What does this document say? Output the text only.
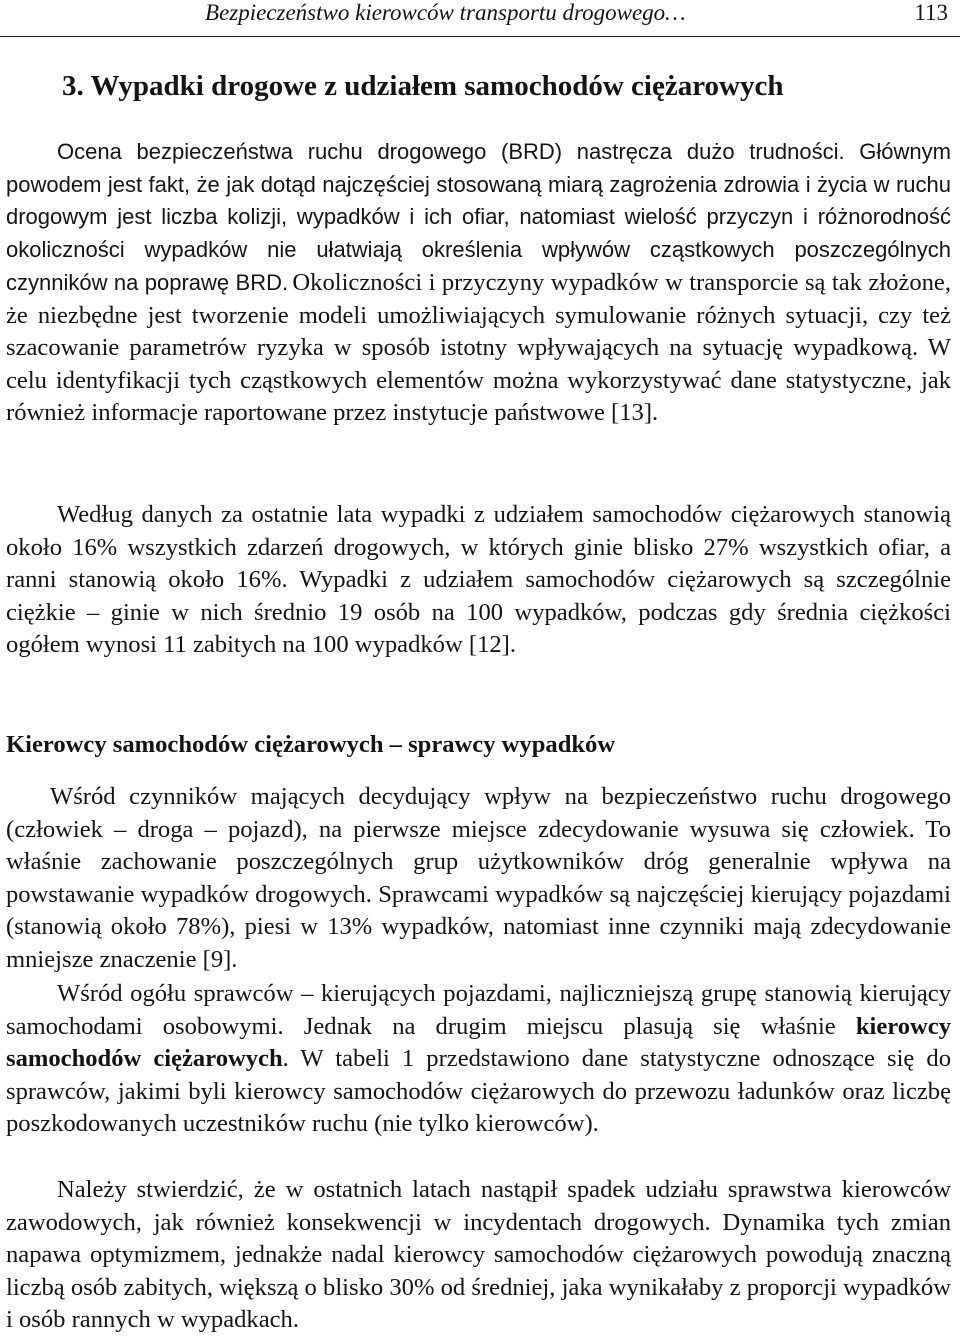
Bezpieczeństwo kierowców transportu drogowego…	113
3. Wypadki drogowe z udziałem samochodów ciężarowych

Ocena bezpieczeństwa ruchu drogowego (BRD) nastręcza dużo trudności. Głównym powodem jest fakt, że jak dotąd najczęściej stosowaną miarą zagrożenia zdrowia i życia w ruchu drogowym jest liczba kolizji, wypadków i ich ofiar, natomiast wielość przyczyn i różnorodność okoliczności wypadków nie ułatwiają określenia wpływów cząstkowych poszczególnych czynników na poprawę BRD. Okoliczności i przyczyny wypadków w transporcie są tak złożone, że niezbędne jest tworzenie modeli umożliwiających symulowanie różnych sytuacji, czy też szacowanie parametrów ryzyka w sposób istotny wpływających na sytuację wypadkową. W celu identyfikacji tych cząstkowych elementów można wykorzystywać dane statystyczne, jak również informacje raportowane przez instytucje państwowe [13].

Według danych za ostatnie lata wypadki z udziałem samochodów ciężarowych stanowią około 16% wszystkich zdarzeń drogowych, w których ginie blisko 27% wszystkich ofiar, a ranni stanowią około 16%. Wypadki z udziałem samochodów ciężarowych są szczególnie ciężkie – ginie w nich średnio 19 osób na 100 wypadków, podczas gdy średnia ciężkości ogółem wynosi 11 zabitych na 100 wypadków [12].

Kierowcy samochodów ciężarowych – sprawcy wypadków

Wśród czynników mających decydujący wpływ na bezpieczeństwo ruchu drogowego (człowiek – droga – pojazd), na pierwsze miejsce zdecydowanie wysuwa się człowiek. To właśnie zachowanie poszczególnych grup użytkowników dróg generalnie wpływa na powstawanie wypadków drogowych. Sprawcami wypadków są najczęściej kierujący pojazdami (stanowią około 78%), piesi w 13% wypadków, natomiast inne czynniki mają zdecydowanie mniejsze znaczenie [9].

Wśród ogółu sprawców – kierujących pojazdami, najliczniejszą grupę stanowią kierujący samochodami osobowymi. Jednak na drugim miejscu plasują się właśnie kierowcy samochodów ciężarowych. W tabeli 1 przedstawiono dane statystyczne odnoszące się do sprawców, jakimi byli kierowcy samochodów ciężarowych do przewozu ładunków oraz liczbę poszkodowanych uczestników ruchu (nie tylko kierowców).

Należy stwierdzić, że w ostatnich latach nastąpił spadek udziału sprawstwa kierowców zawodowych, jak również konsekwencji w incydentach drogowych. Dynamika tych zmian napawa optymizmem, jednakże nadal kierowcy samochodów ciężarowych powodują znaczną liczbą osób zabitych, większą o blisko 30% od średniej, jaka wynikałaby z proporcji wypadków i osób rannych w wypadkach.
